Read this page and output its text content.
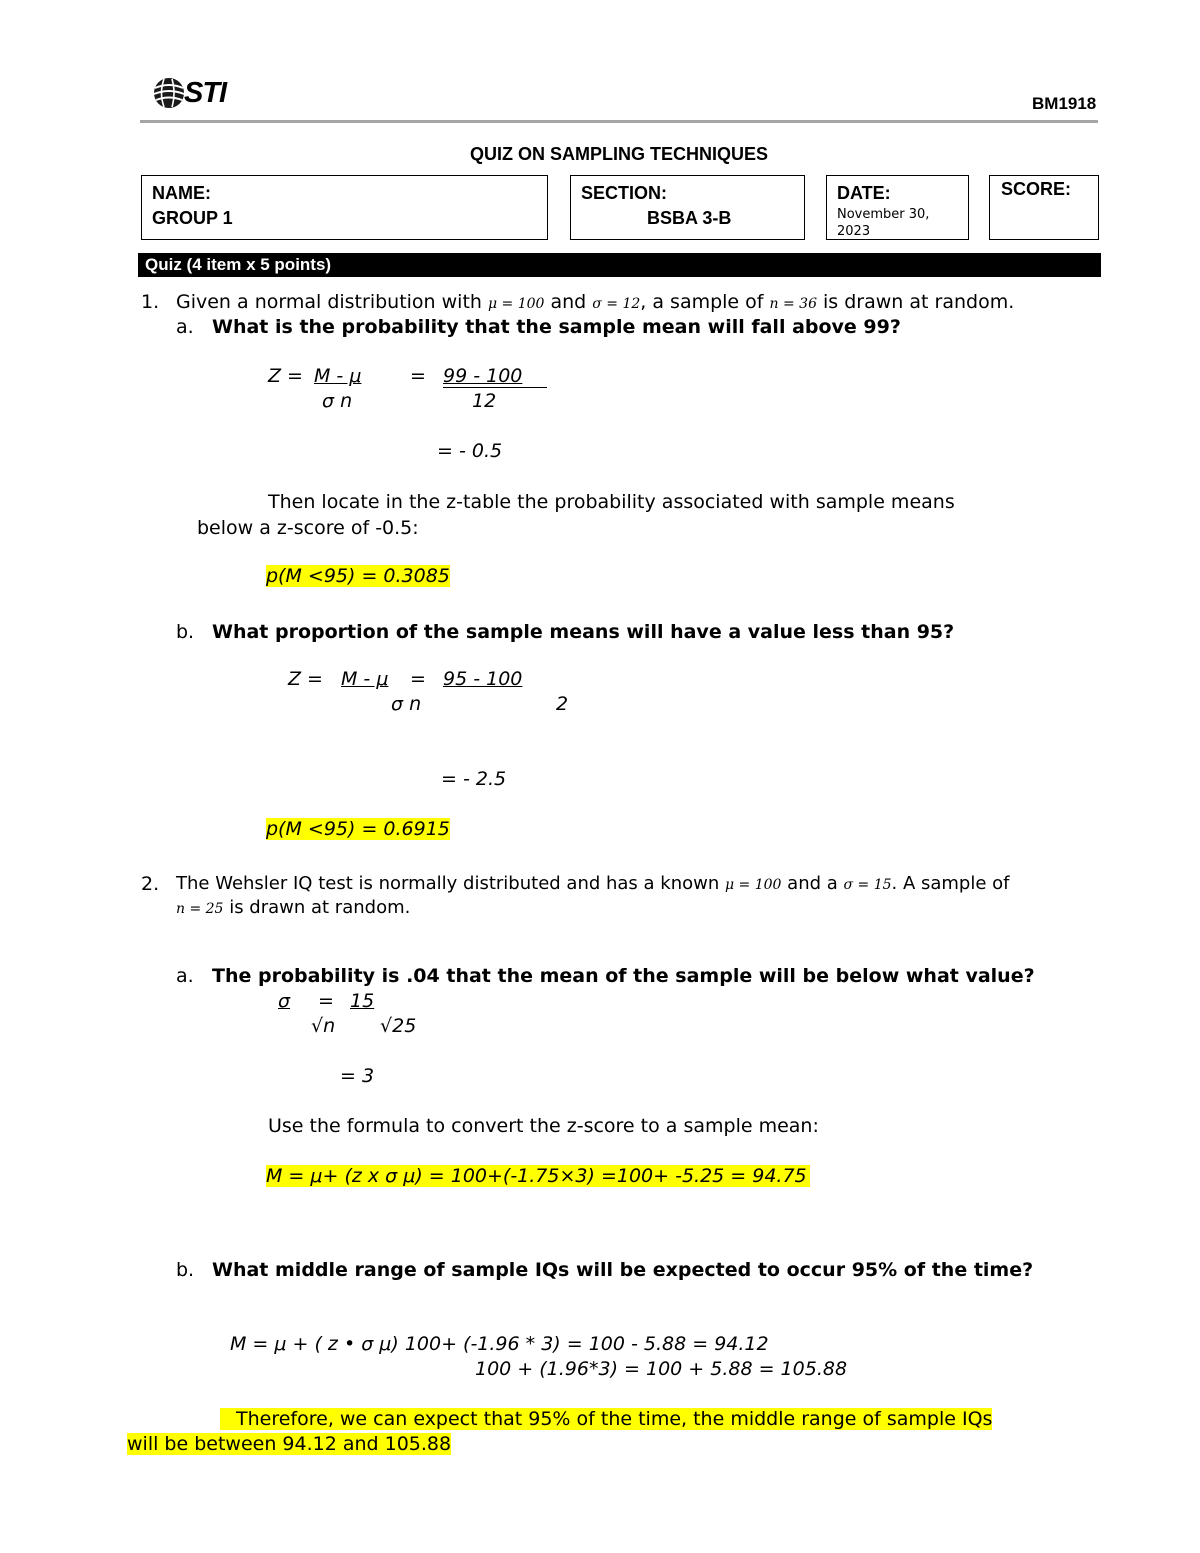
STI	BM1918
QUIZ ON SAMPLING TECHNIQUES
NAME:
GROUP 1
SECTION:
BSBA 3-B
DATE:
November 30,
2023
SCORE:
Quiz (4 item x 5 points)
1. Given a normal distribution with μ = 100 and σ = 12, a sample of n = 36 is drawn at random.
a. What is the probability that the sample mean will fall above 99?
Z = M - μ	= 99 - 100
σ n	12
= - 0.5
Then locate in the z-table the probability associated with sample means
below a z-score of -0.5:
p(M <95) = 0.3085
b. What proportion of the sample means will have a value less than 95?
Z = M - μ = 95 - 100
σ n	2
= - 2.5
p(M <95) = 0.6915
2. The Wehsler IQ test is normally distributed and has a known μ = 100 and a σ = 15. A sample of
n = 25 is drawn at random.
a. The probability is .04 that the mean of the sample will be below what value?
σ	= 15
√n √25
= 3
Use the formula to convert the z-score to a sample mean:
M = μ+ (z x σ μ) = 100+(-1.75×3) =100+ -5.25 = 94.75
b. What middle range of sample IQs will be expected to occur 95% of the time?
M = μ + ( z • σ μ) 100+ (-1.96 * 3) = 100 - 5.88 = 94.12
100 + (1.96*3) = 100 + 5.88 = 105.88
Therefore, we can expect that 95% of the time, the middle range of sample IQs
will be between 94.12 and 105.88
